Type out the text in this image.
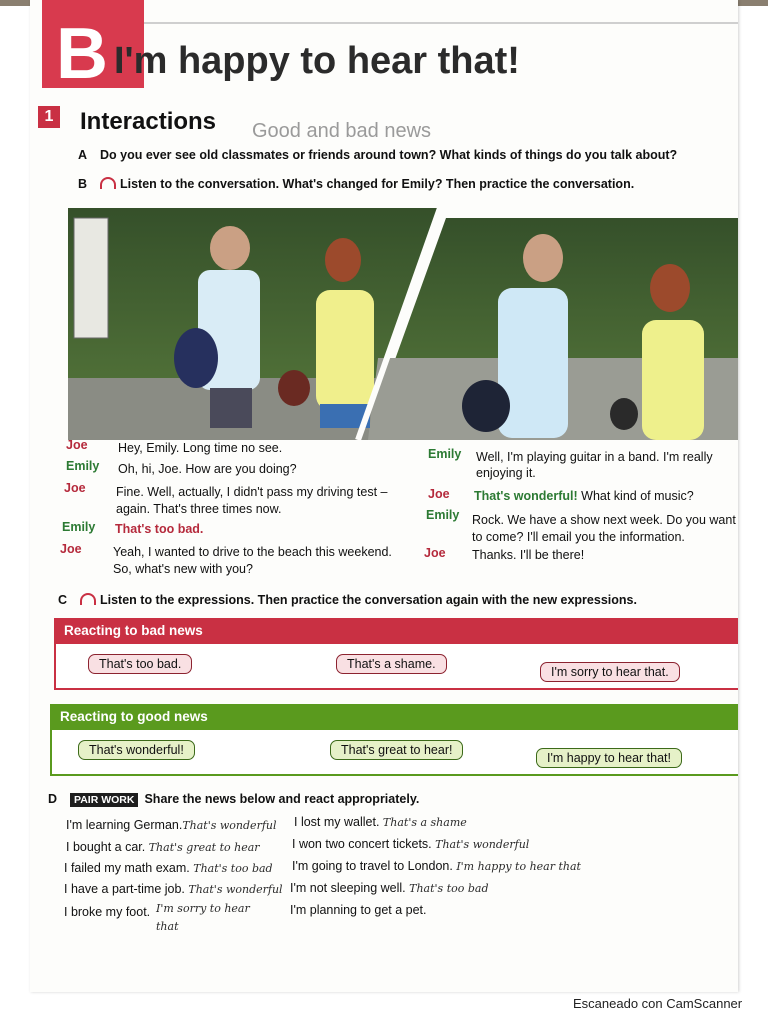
B I'm happy to hear that!
1 Interactions Good and bad news
A Do you ever see old classmates or friends around town? What kinds of things do you talk about?
B	Listen to the conversation. What's changed for Emily? Then practice the conversation.
Joe Hey, Emily. Long time no see.
Emily Oh, hi, Joe. How are you doing?
Joe Fine. Well, actually, I didn't pass my driving test –
again. That's three times now.
Emily That's too bad.
Joe	Yeah, I wanted to drive to the beach this weekend.
So, what's new with you?
Emily Well, I'm playing guitar in a band. I'm really
enjoying it.
Joe That's wonderful! What kind of music?
Emily Rock. We have a show next week. Do you want
to come? I'll email you the information.
Joe Thanks. I'll be there!
C	Listen to the expressions. Then practice the conversation again with the new expressions.
Reacting to bad news
That's too bad.	That's a shame.
I'm sorry to hear that.
Reacting to good news
That's wonderful!	That's great to hear!
I'm happy to hear that!
D PAIR WORK Share the news below and react appropriately.
I'm learning German.That's wonderful
I bought a car. That's great to hear
I failed my math exam. That's too bad
I have a part-time job. That's wonderful
I broke my foot. I'm sorry to hear that
I lost my wallet. That's a shame
I won two concert tickets. That's wonderful
I'm going to travel to London. I'm happy to hear that
I'm not sleeping well. That's too bad
I'm planning to get a pet.
Escaneado con CamScanner
